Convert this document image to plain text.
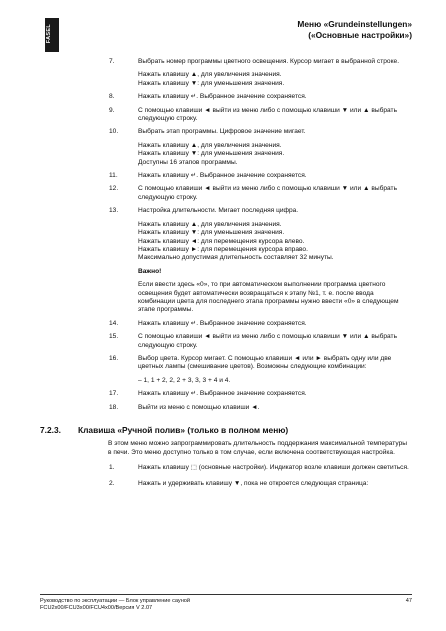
FASEL	Меню «Grundeinstellungen»
(«Основные настройки»)
7.	Выбрать номер программы цветного освещения. Курсор мигает в выбранной строке.
Нажать клавишу ▲, для увеличения значения.
Нажать клавишу ▼: для уменьшения значения.
8.	Нажать клавишу ↵. Выбранное значение сохраняется.
9.	С помощью клавиши ◄ выйти из меню либо с помощью клавиши ▼ или ▲ выбрать следующую строку.
10.	Выбрать этап программы. Цифровое значение мигает.
Нажать клавишу ▲, для увеличения значения.
Нажать клавишу ▼: для уменьшения значения.
Доступны 16 этапов программы.
11.	Нажать клавишу ↵. Выбранное значение сохраняется.
12.	С помощью клавиши ◄ выйти из меню либо с помощью клавиши ▼ или ▲ выбрать следующую строку.
13.	Настройка длительности. Мигает последняя цифра.
Нажать клавишу ▲, для увеличения значения.
Нажать клавишу ▼: для уменьшения значения.
Нажать клавишу ◄: для перемещения курсора влево.
Нажать клавишу ►: для перемещения курсора вправо.
Максимально допустимая длительность составляет 32 минуты.
Важно!
Если ввести здесь «0», то при автоматическом выполнении программа цветного освещения будет автоматически возвращаться к этапу №1, т. е. после ввода комбинации цвета для последнего этапа программы нужно ввести «0» в следующем этапе программы.
14.	Нажать клавишу ↵. Выбранное значение сохраняется.
15.	С помощью клавиши ◄ выйти из меню либо с помощью клавиши ▼ или ▲ выбрать следующую строку.
16.	Выбор цвета. Курсор мигает. С помощью клавиши ◄ или ► выбрать одну или две цветных лампы (смешивание цветов). Возможны следующие комбинации:
– 1, 1 + 2, 2, 2 + 3, 3, 3 + 4 и 4.
17.	Нажать клавишу ↵. Выбранное значение сохраняется.
18.	Выйти из меню с помощью клавиши ◄.
7.2.3.	Клавиша «Ручной полив» (только в полном меню)
В этом меню можно запрограммировать длительность поддержания максимальной температуры в печи. Это меню доступно только в том случае, если включена соответствующая настройка.
1.	Нажать клавишу ⬚ (основные настройки). Индикатор возле клавиши должен светиться.
2.	Нажать и удерживать клавишу ▼, пока не откроется следующая страница:
Руководство по эксплуатации — Блок управление сауной
FCU2x00/FCU3x00/FCU4x00/Версия V 2.07
47
